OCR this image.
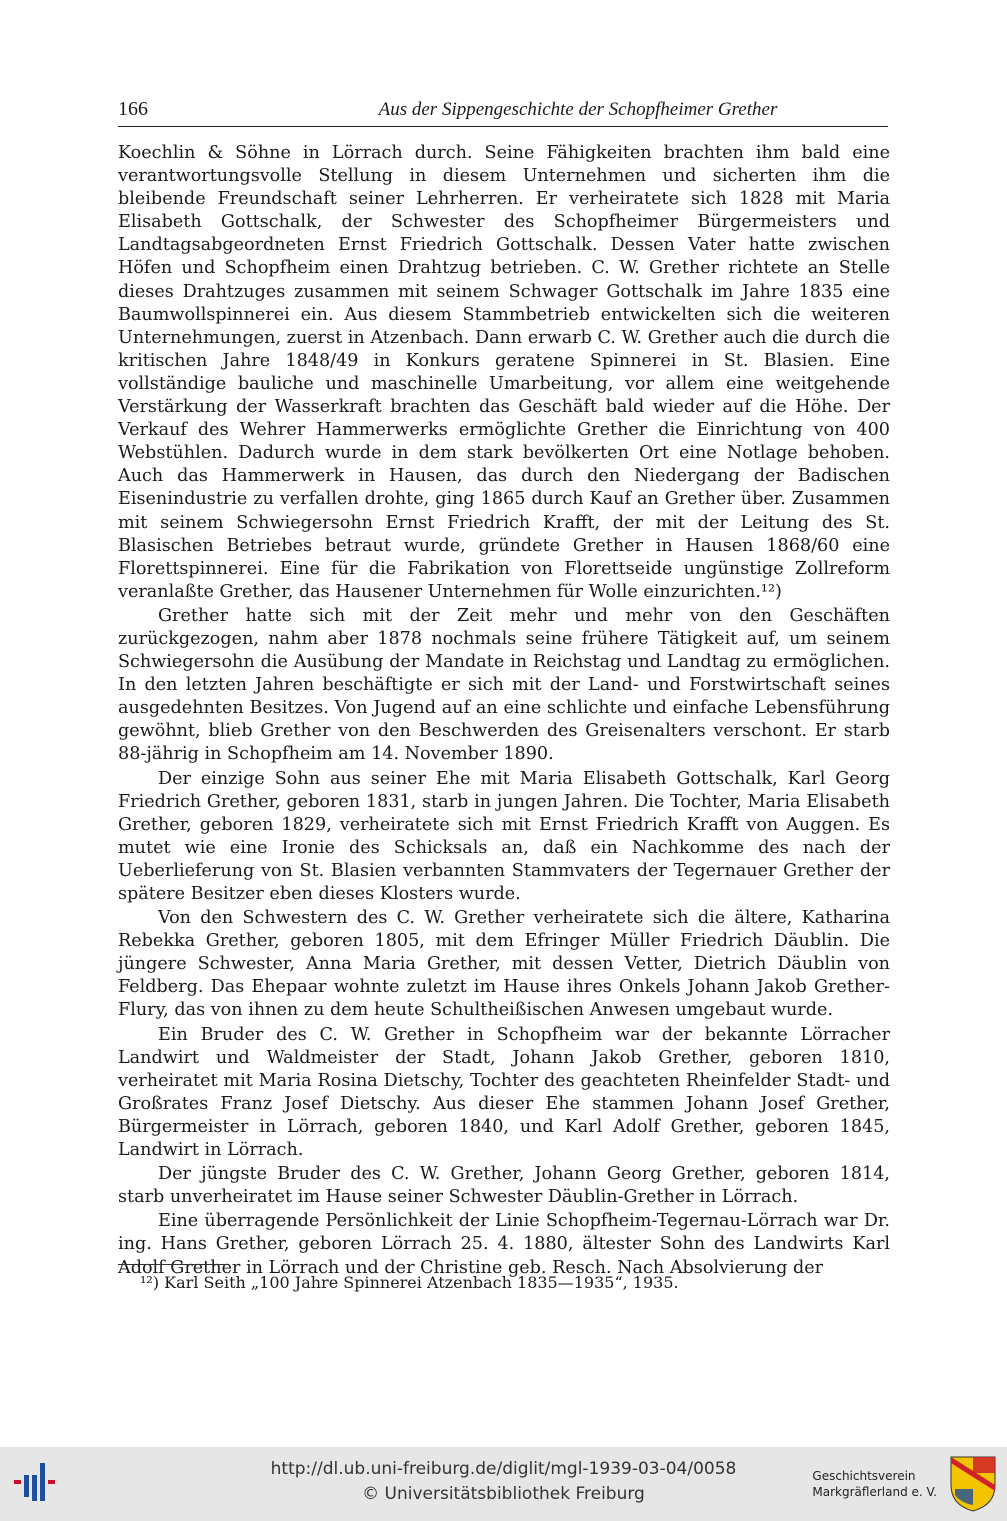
166	Aus der Sippengeschichte der Schopfheimer Grether

Koechlin & Söhne in Lörrach durch. Seine Fähigkeiten brachten ihm bald eine verantwortungsvolle Stellung in diesem Unternehmen und sicherten ihm die bleibende Freundschaft seiner Lehrherren. Er verheiratete sich 1828 mit Maria Elisabeth Gottschalk, der Schwester des Schopfheimer Bürgermeisters und Landtagsabgeordneten Ernst Friedrich Gottschalk. Dessen Vater hatte zwischen Höfen und Schopfheim einen Drahtzug betrieben. C. W. Grether richtete an Stelle dieses Drahtzuges zusammen mit seinem Schwager Gottschalk im Jahre 1835 eine Baumwollspinnerei ein. Aus diesem Stammbetrieb entwickelten sich die weiteren Unternehmungen, zuerst in Atzenbach. Dann erwarb C. W. Grether auch die durch die kritischen Jahre 1848/49 in Konkurs geratene Spinnerei in St. Blasien. Eine vollständige bauliche und maschinelle Umarbeitung, vor allem eine weitgehende Verstärkung der Wasserkraft brachten das Geschäft bald wieder auf die Höhe. Der Verkauf des Wehrer Hammerwerks ermöglichte Grether die Einrichtung von 400 Webstühlen. Dadurch wurde in dem stark bevölkerten Ort eine Notlage behoben. Auch das Hammerwerk in Hausen, das durch den Niedergang der Badischen Eisenindustrie zu verfallen drohte, ging 1865 durch Kauf an Grether über. Zusammen mit seinem Schwiegersohn Ernst Friedrich Krafft, der mit der Leitung des St. Blasischen Betriebes betraut wurde, gründete Grether in Hausen 1868/60 eine Florettspinnerei. Eine für die Fabrikation von Florettseide ungünstige Zollreform veranlaßte Grether, das Hausener Unternehmen für Wolle einzurichten.¹²)

Grether hatte sich mit der Zeit mehr und mehr von den Geschäften zurückgezogen, nahm aber 1878 nochmals seine frühere Tätigkeit auf, um seinem Schwiegersohn die Ausübung der Mandate in Reichstag und Landtag zu ermöglichen. In den letzten Jahren beschäftigte er sich mit der Land- und Forstwirtschaft seines ausgedehnten Besitzes. Von Jugend auf an eine schlichte und einfache Lebensführung gewöhnt, blieb Grether von den Beschwerden des Greisenalters verschont. Er starb 88-jährig in Schopfheim am 14. November 1890.

Der einzige Sohn aus seiner Ehe mit Maria Elisabeth Gottschalk, Karl Georg Friedrich Grether, geboren 1831, starb in jungen Jahren. Die Tochter, Maria Elisabeth Grether, geboren 1829, verheiratete sich mit Ernst Friedrich Krafft von Auggen. Es mutet wie eine Ironie des Schicksals an, daß ein Nachkomme des nach der Ueberlieferung von St. Blasien verbannten Stammvaters der Tegernauer Grether der spätere Besitzer eben dieses Klosters wurde.

Von den Schwestern des C. W. Grether verheiratete sich die ältere, Katharina Rebekka Grether, geboren 1805, mit dem Efringer Müller Friedrich Däublin. Die jüngere Schwester, Anna Maria Grether, mit dessen Vetter, Dietrich Däublin von Feldberg. Das Ehepaar wohnte zuletzt im Hause ihres Onkels Johann Jakob Grether-Flury, das von ihnen zu dem heute Schultheißischen Anwesen umgebaut wurde.

Ein Bruder des C. W. Grether in Schopfheim war der bekannte Lörracher Landwirt und Waldmeister der Stadt, Johann Jakob Grether, geboren 1810, verheiratet mit Maria Rosina Dietschy, Tochter des geachteten Rheinfelder Stadt- und Großrates Franz Josef Dietschy. Aus dieser Ehe stammen Johann Josef Grether, Bürgermeister in Lörrach, geboren 1840, und Karl Adolf Grether, geboren 1845, Landwirt in Lörrach.

Der jüngste Bruder des C. W. Grether, Johann Georg Grether, geboren 1814, starb unverheiratet im Hause seiner Schwester Däublin-Grether in Lörrach.

Eine überragende Persönlichkeit der Linie Schopfheim-Tegernau-Lörrach war Dr. ing. Hans Grether, geboren Lörrach 25. 4. 1880, ältester Sohn des Landwirts Karl Adolf Grether in Lörrach und der Christine geb. Resch. Nach Absolvierung der

¹²) Karl Seith „100 Jahre Spinnerei Atzenbach 1835—1935“, 1935.
http://dl.ub.uni-freiburg.de/diglit/mgl-1939-03-04/0058
© Universitätsbibliothek Freiburg
Geschichtsverein
Markgräflerland e. V.
